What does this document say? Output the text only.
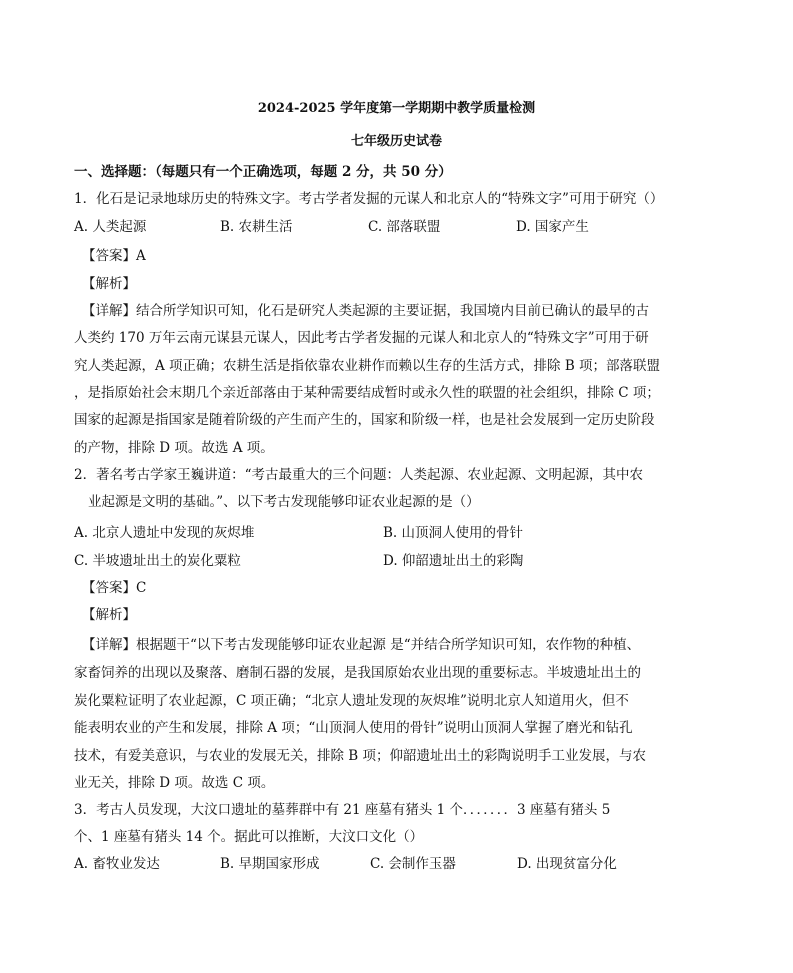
2024-2025 学年度第一学期期中教学质量检测
七年级历史试卷
一、选择题：（每题只有一个正确选项，每题 2 分，共 50 分）
1．化石是记录地球历史的特殊文字。考古学者发掘的元谋人和北京人的“特殊文字”可用于研究（）
A. 人类起源	B. 农耕生活	C. 部落联盟	D. 国家产生
【答案】A
【解析】
【详解】结合所学知识可知，化石是研究人类起源的主要证据，我国境内目前已确认的最早的古
人类约 170 万年云南元谋县元谋人，因此考古学者发掘的元谋人和北京人的“特殊文字”可用于研
究人类起源，A 项正确；农耕生活是指依靠农业耕作而赖以生存的生活方式，排除 B 项；部落联盟
，是指原始社会末期几个亲近部落由于某种需要结成暂时或永久性的联盟的社会组织，排除 C 项；
国家的起源是指国家是随着阶级的产生而产生的，国家和阶级一样，也是社会发展到一定历史阶段
的产物，排除 D 项。故选 A 项。
2．著名考古学家王巍讲道：“考古最重大的三个问题：人类起源、农业起源、文明起源，其中农
业起源是文明的基础。”、以下考古发现能够印证农业起源的是（）
A. 北京人遗址中发现的灰烬堆	B. 山顶洞人使用的骨针
C. 半坡遗址出土的炭化粟粒	D. 仰韶遗址出土的彩陶
【答案】C
【解析】
【详解】根据题干“以下考古发现能够印证农业起源 是“并结合所学知识可知，农作物的种植、
家畜饲养的出现以及聚落、磨制石器的发展，是我国原始农业出现的重要标志。半坡遗址出土的
炭化粟粒证明了农业起源，C 项正确；“北京人遗址发现的灰烬堆”说明北京人知道用火，但不
能表明农业的产生和发展，排除 A 项；“山顶洞人使用的骨针”说明山顶洞人掌握了磨光和钻孔
技术，有爱美意识，与农业的发展无关，排除 B 项；仰韶遗址出土的彩陶说明手工业发展，与农
业无关，排除 D 项。故选 C 项。
3．考古人员发现，大汶口遗址的墓葬群中有 21 座墓有猪头 1 个．．．．．．．3 座墓有猪头 5
个、1 座墓有猪头 14 个。据此可以推断，大汶口文化（）
A. 畜牧业发达	B. 早期国家形成	C. 会制作玉器	D. 出现贫富分化
